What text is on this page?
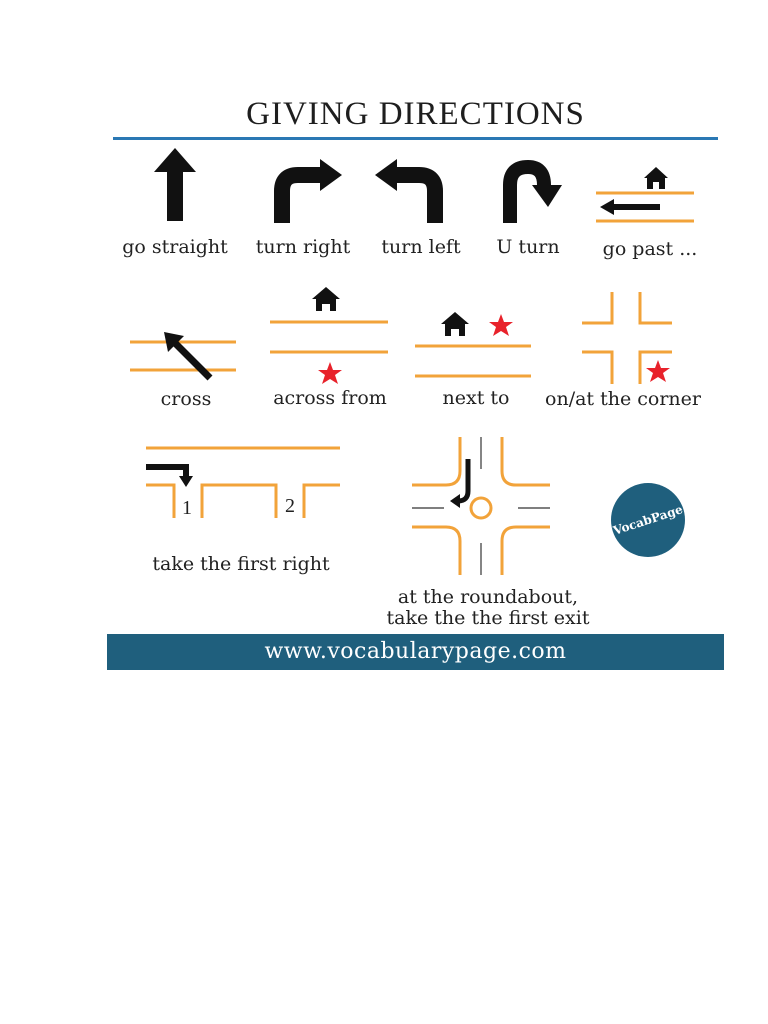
GIVING DIRECTIONS
go straight turn right turn left U turn go past ...
cross	across from	next to on/at the corner
1	2
take the first right
at the roundabout,
take the the first exit
VocabPage
www.vocabularypage.com
